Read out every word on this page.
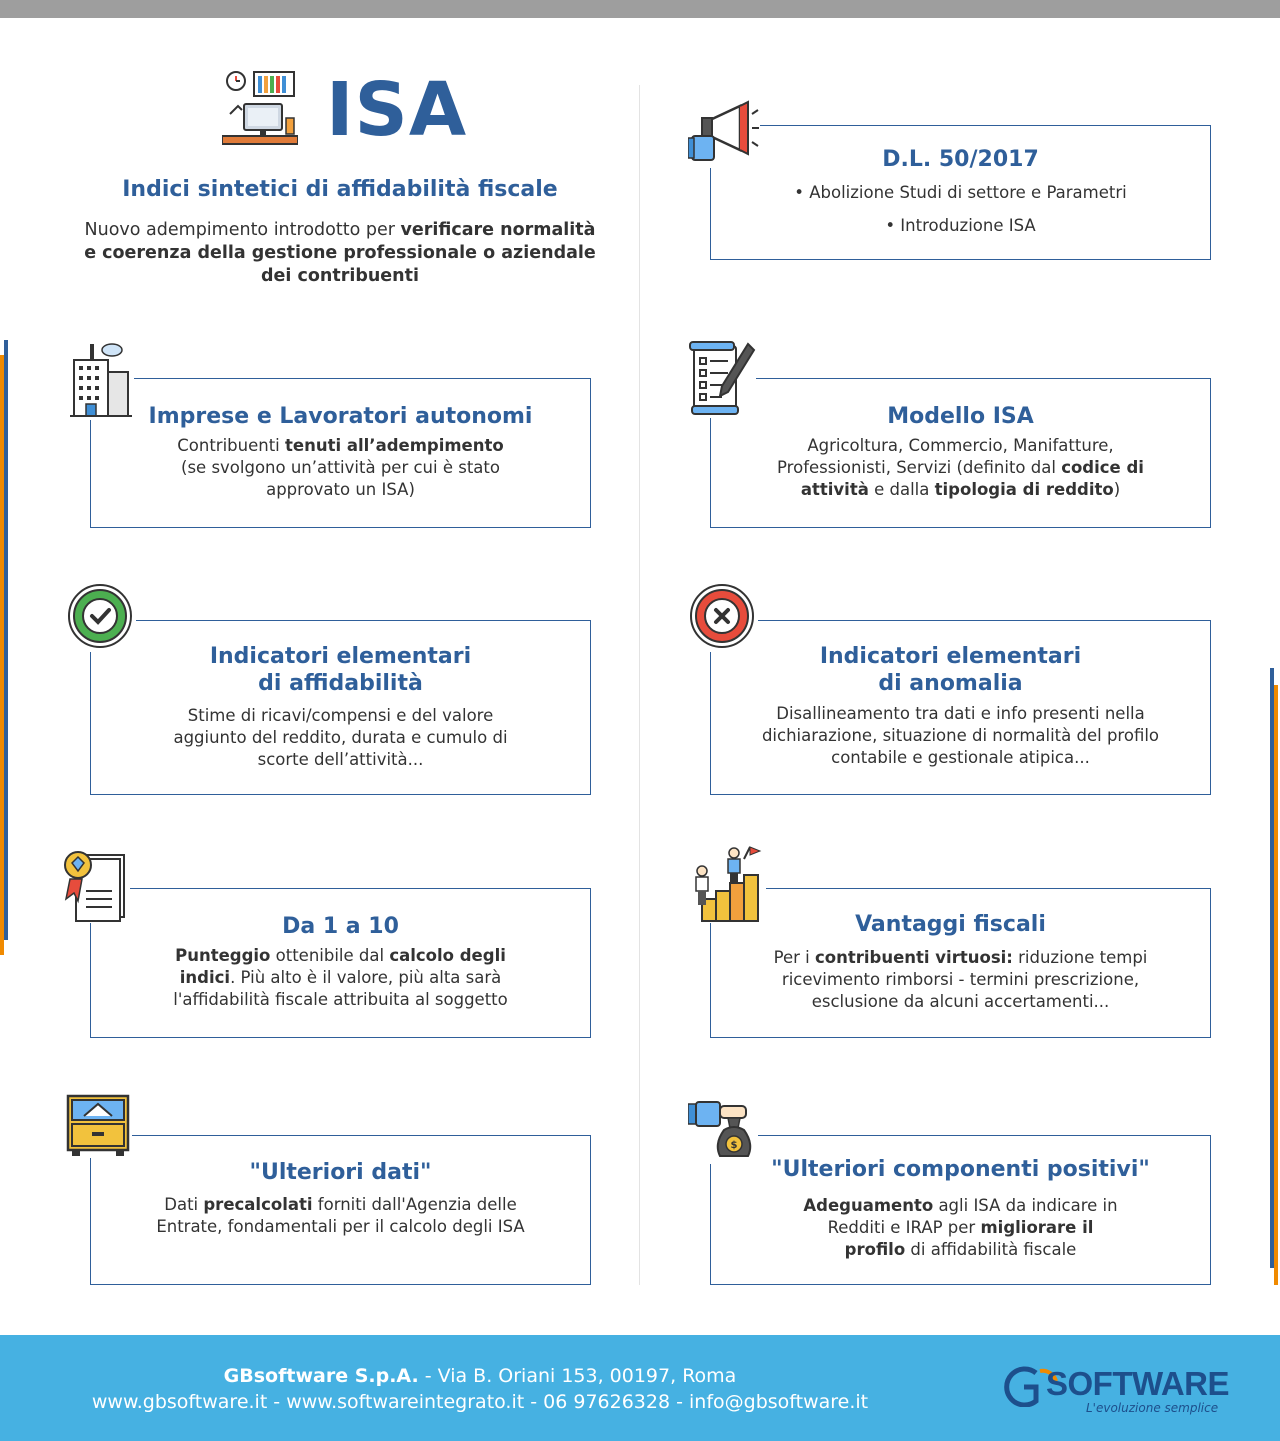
ISA
Indici sintetici di affidabilità fiscale
Nuovo adempimento introdotto per verificare normalità e coerenza della gestione professionale o aziendale dei contribuenti
D.L. 50/2017
• Abolizione Studi di settore e Parametri
• Introduzione ISA
Imprese e Lavoratori autonomi
Contribuenti tenuti all’adempimento
(se svolgono un’attività per cui è stato approvato un ISA)
Modello ISA
Agricoltura, Commercio, Manifatture, Professionisti, Servizi (definito dal codice di attività e dalla tipologia di reddito)
Indicatori elementari
di affidabilità
Stime di ricavi/compensi e del valore aggiunto del reddito, durata e cumulo di scorte dell’attività...
Indicatori elementari
di anomalia
Disallineamento tra dati e info presenti nella dichiarazione, situazione di normalità del profilo contabile e gestionale atipica...
Da 1 a 10
Punteggio ottenibile dal calcolo degli indici. Più alto è il valore, più alta sarà l'affidabilità fiscale attribuita al soggetto
Vantaggi fiscali
Per i contribuenti virtuosi: riduzione tempi ricevimento rimborsi - termini prescrizione, esclusione da alcuni accertamenti...
"Ulteriori dati"
Dati precalcolati forniti dall'Agenzia delle Entrate, fondamentali per il calcolo degli ISA
"Ulteriori componenti positivi"
Adeguamento agli ISA da indicare in Redditi e IRAP per migliorare il profilo di affidabilità fiscale
$
GBsoftware S.p.A. - Via B. Oriani 153, 00197, Roma
www.gbsoftware.it - www.softwareintegrato.it - 06 97626328 - info@gbsoftware.it	SOFTWARE
L'evoluzione semplice
